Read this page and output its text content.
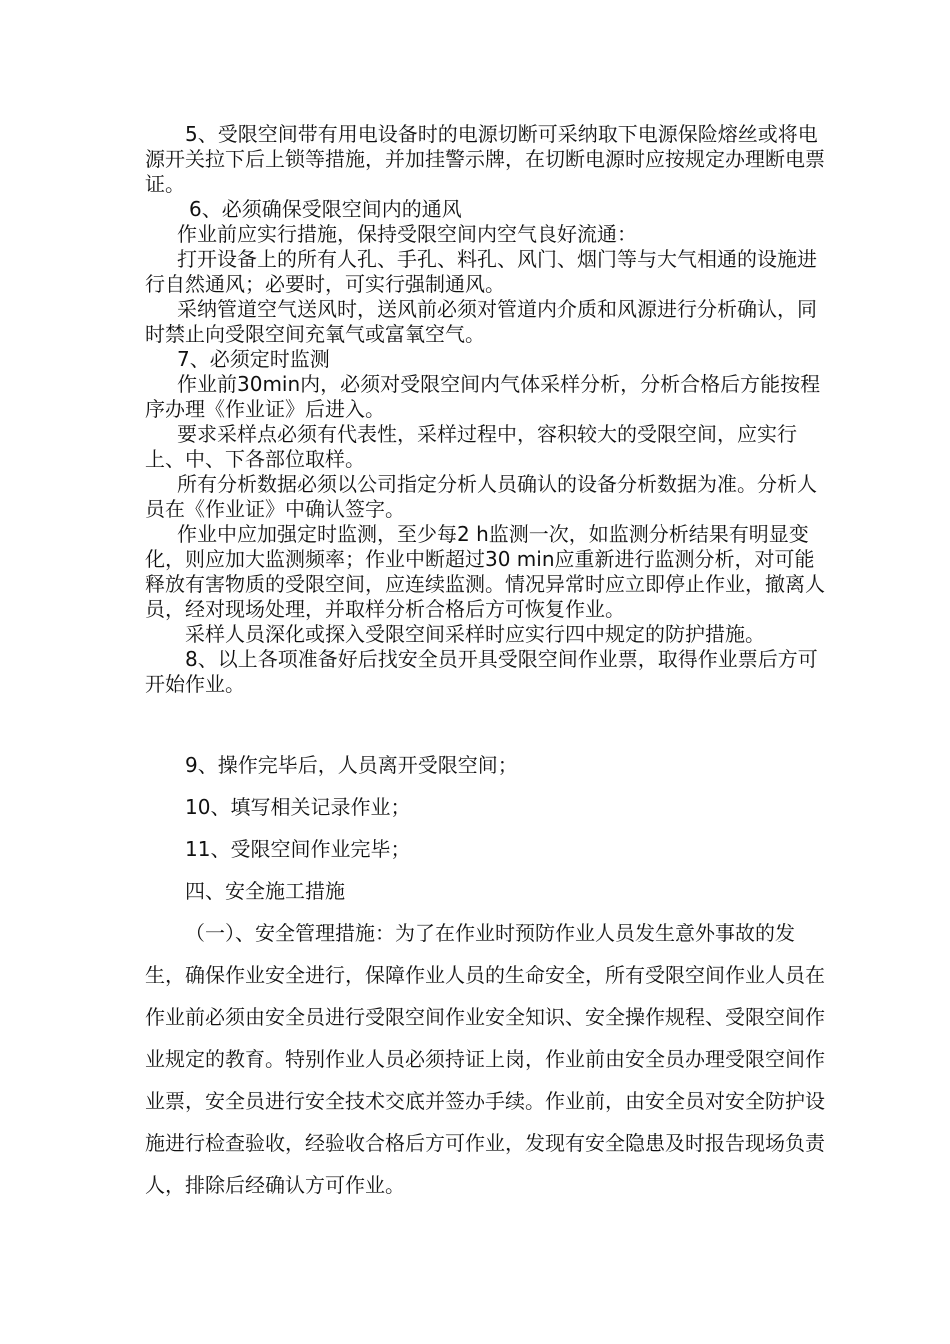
5、受限空间带有用电设备时的电源切断可采纳取下电源保险熔丝或将电源开关拉下后上锁等措施，并加挂警示牌，在切断电源时应按规定办理断电票证。

6、必须确保受限空间内的通风

作业前应实行措施，保持受限空间内空气良好流通：

打开设备上的所有人孔、手孔、料孔、风门、烟门等与大气相通的设施进行自然通风；必要时，可实行强制通风。

采纳管道空气送风时，送风前必须对管道内介质和风源进行分析确认，同时禁止向受限空间充氧气或富氧空气。

7、必须定时监测

作业前30min内，必须对受限空间内气体采样分析，分析合格后方能按程序办理《作业证》后进入。

要求采样点必须有代表性，采样过程中，容积较大的受限空间，应实行上、中、下各部位取样。

所有分析数据必须以公司指定分析人员确认的设备分析数据为准。分析人员在《作业证》中确认签字。

作业中应加强定时监测，至少每2 h监测一次，如监测分析结果有明显变化，则应加大监测频率；作业中断超过30 min应重新进行监测分析，对可能释放有害物质的受限空间，应连续监测。情况异常时应立即停止作业，撤离人员，经对现场处理，并取样分析合格后方可恢复作业。

采样人员深化或探入受限空间采样时应实行四中规定的防护措施。

8、以上各项准备好后找安全员开具受限空间作业票，取得作业票后方可开始作业。

9、操作完毕后，人员离开受限空间；

10、填写相关记录作业；

11、受限空间作业完毕；

四、安全施工措施

（一）、安全管理措施：为了在作业时预防作业人员发生意外事故的发生，确保作业安全进行，保障作业人员的生命安全，所有受限空间作业人员在作业前必须由安全员进行受限空间作业安全知识、安全操作规程、受限空间作业规定的教育。特别作业人员必须持证上岗，作业前由安全员办理受限空间作业票，安全员进行安全技术交底并签办手续。作业前，由安全员对安全防护设施进行检查验收，经验收合格后方可作业，发现有安全隐患及时报告现场负责人，排除后经确认方可作业。
